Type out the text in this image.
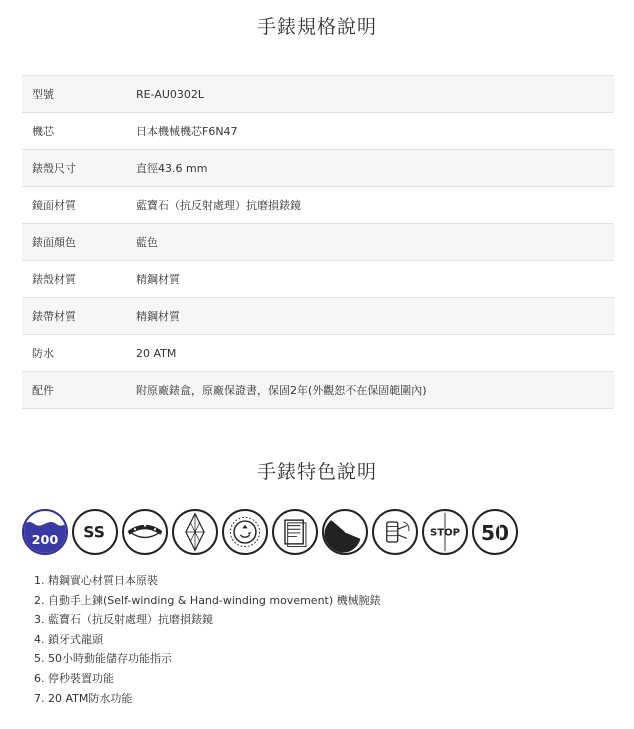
手錶規格說明
型號	RE-AU0302L
機芯	日本機械機芯F6N47
錶殼尺寸	直徑43.6 mm
鏡面材質	藍寶石（抗反射處理）抗磨損錶鏡
錶面顏色	藍色
錶殼材質	精鋼材質
錶帶材質	精鋼材質
防水	20 ATM
配件	附原廠錶盒，原廠保證書，保固2年(外觀恕不在保固範圍內)
手錶特色說明
200 SS	STOP 50
1. 精鋼實心材質日本原裝
2. 自動手上鍊(Self-winding & Hand-winding movement) 機械腕錶
3. 藍寶石（抗反射處理）抗磨損錶鏡
4. 鎖牙式龍頭
5. 50小時動能儲存功能指示
6. 停秒裝置功能
7. 20 ATM防水功能
